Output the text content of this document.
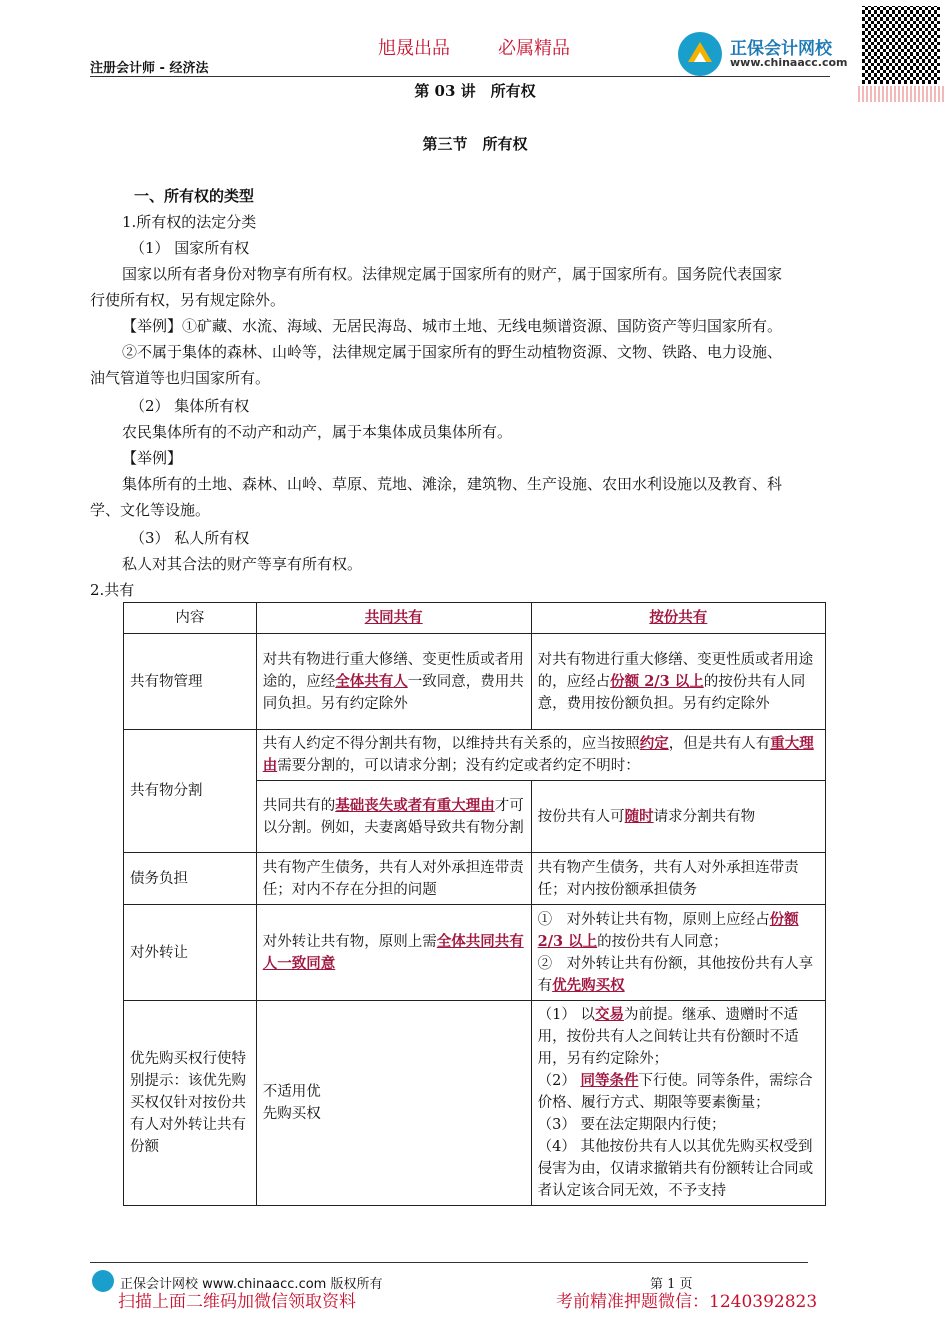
旭晟出品	必属精品
注册会计师 - 经济法
正保会计网校
www.chinaacc.com
第 03 讲　所有权
第三节　所有权
一、所有权的类型
1.所有权的法定分类
（1） 国家所有权
国家以所有者身份对物享有所有权。法律规定属于国家所有的财产，属于国家所有。国务院代表国家
行使所有权，另有规定除外。
【举例】①矿藏、水流、海域、无居民海岛、城市土地、无线电频谱资源、国防资产等归国家所有。
②不属于集体的森林、山岭等，法律规定属于国家所有的野生动植物资源、文物、铁路、电力设施、
油气管道等也归国家所有。
（2） 集体所有权
农民集体所有的不动产和动产，属于本集体成员集体所有。
【举例】
集体所有的土地、森林、山岭、草原、荒地、滩涂，建筑物、生产设施、农田水利设施以及教育、科
学、文化等设施。
（3） 私人所有权
私人对其合法的财产等享有所有权。
2.共有
内容	共同共有	按份共有
共有物管理	对共有物进行重大修缮、变更性质或者用途的，应经全体共有人一致同意，费用共同负担。另有约定除外	对共有物进行重大修缮、变更性质或者用途的，应经占份额 2/3 以上的按份共有人同意，费用按份额负担。另有约定除外
共有物分割	共有人约定不得分割共有物，以维持共有关系的，应当按照约定，但是共有人有重大理由需要分割的，可以请求分割；没有约定或者约定不明时：	
	共同共有的基础丧失或者有重大理由才可以分割。例如，夫妻离婚导致共有物分割	按份共有人可随时请求分割共有物
债务负担	共有物产生债务，共有人对外承担连带责任；对内不存在分担的问题	共有物产生债务，共有人对外承担连带责任；对内按份额承担债务
对外转让	对外转让共有物，原则上需全体共同共有人一致同意	①　对外转让共有物，原则上应经占份额 2/3 以上的按份共有人同意；
②　对外转让共有份额，其他按份共有人享有优先购买权

优先购买权行使特别提示：该优先购买权仅针对按份共有人对外转让共有份额	不适用优　先购买权	（1） 以交易为前提。继承、遗赠时不适用，按份共有人之间转让共有份额时不适用，另有约定除外；
（2） 同等条件下行使。同等条件，需综合价格、履行方式、期限等要素衡量；
（3） 要在法定期限内行使；
（4） 其他按份共有人以其优先购买权受到侵害为由，仅请求撤销共有份额转让合同或者认定该合同无效，不予支持
正保会计网校 www.chinaacc.com 版权所有	第 1 页
扫描上面二维码加微信领取资料	考前精准押题微信：1240392823
